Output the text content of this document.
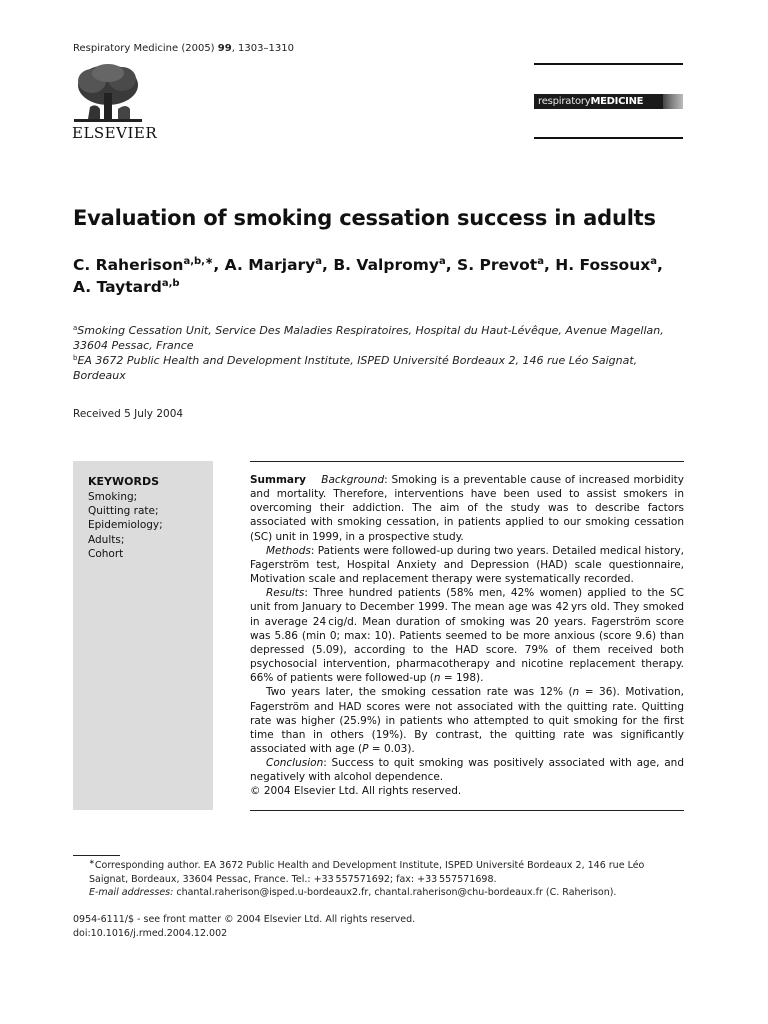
Respiratory Medicine (2005) 99, 1303–1310
ELSEVIER
respiratory MEDICINE
Evaluation of smoking cessation success in adults
C. Raherison$^{a,b,∗}$, A. Marjary$^a$, B. Valpromy$^a$, S. Prevot$^a$, H. Fossoux$^a$,
A. Taytard$^{a,b}$

$^a$Smoking Cessation Unit, Service Des Maladies Respiratoires, Hospital du Haut-Lévêque, Avenue Magellan, 33604 Pessac, France

$^b$EA 3672 Public Health and Development Institute, ISPED Université Bordeaux 2, 146 rue Léo Saignat, Bordeaux

Received 5 July 2004
KEYWORDS
Smoking;
Quitting rate;
Epidemiology;
Adults;
Cohort

Summary Background: Smoking is a preventable cause of increased morbidity and mortality. Therefore, interventions have been used to assist smokers in overcoming their addiction. The aim of the study was to describe factors associated with smoking cessation, in patients applied to our smoking cessation (SC) unit in 1999, in a prospective study.

Methods: Patients were followed-up during two years. Detailed medical history, Fagerström test, Hospital Anxiety and Depression (HAD) scale questionnaire, Motivation scale and replacement therapy were systematically recorded.

Results: Three hundred patients (58% men, 42% women) applied to the SC unit from January to December 1999. The mean age was 42 yrs old. They smoked in average 24 cig/d. Mean duration of smoking was 20 years. Fagerström score was 5.86 (min 0; max: 10). Patients seemed to be more anxious (score 9.6) than depressed (5.09), according to the HAD score. 79% of them received both psychosocial intervention, pharmacotherapy and nicotine replacement therapy. 66% of patients were followed-up (n = 198).

Two years later, the smoking cessation rate was 12% (n = 36). Motivation, Fagerström and HAD scores were not associated with the quitting rate. Quitting rate was higher (25.9%) in patients who attempted to quit smoking for the first time than in others (19%). By contrast, the quitting rate was significantly associated with age (P = 0.03).

Conclusion: Success to quit smoking was positively associated with age, and negatively with alcohol dependence.

© 2004 Elsevier Ltd. All rights reserved.

∗Corresponding author. EA 3672 Public Health and Development Institute, ISPED Université Bordeaux 2, 146 rue Léo Saignat, Bordeaux, 33604 Pessac, France. Tel.: +33 557571692; fax: +33 557571698.

E-mail addresses: chantal.raherison@isped.u-bordeaux2.fr, chantal.raherison@chu-bordeaux.fr (C. Raherison).

0954-6111/$ - see front matter © 2004 Elsevier Ltd. All rights reserved.

doi:10.1016/j.rmed.2004.12.002
